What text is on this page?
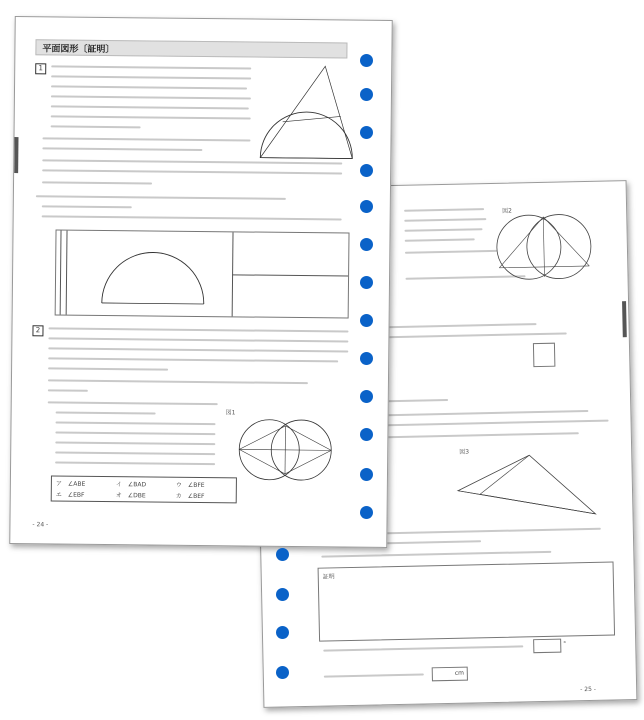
図2
図3
証明
°
cm
- 25 -
平面図形〔証明〕
1
2
図1
ア　∠ABE	イ　∠BAD	ウ　∠BFE
エ　∠EBF	オ　∠DBE	カ　∠BEF
- 24 -
